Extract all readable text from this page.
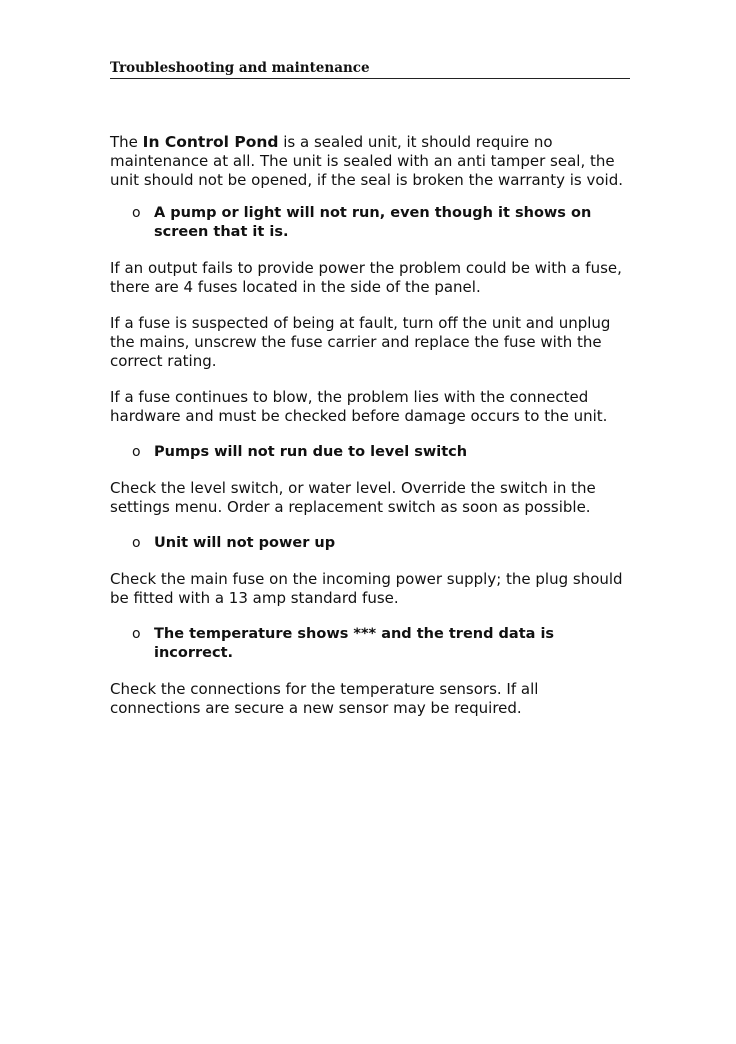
Troubleshooting and maintenance

The In Control Pond is a sealed unit, it should require no maintenance at all. The unit is sealed with an anti tamper seal, the unit should not be opened, if the seal is broken the warranty is void.

o A pump or light will not run, even though it shows on screen that it is.

If an output fails to provide power the problem could be with a fuse, there are 4 fuses located in the side of the panel.

If a fuse is suspected of being at fault, turn off the unit and unplug the mains, unscrew the fuse carrier and replace the fuse with the correct rating.

If a fuse continues to blow, the problem lies with the connected hardware and must be checked before damage occurs to the unit.

o Pumps will not run due to level switch

Check the level switch, or water level. Override the switch in the settings menu. Order a replacement switch as soon as possible.

o Unit will not power up

Check the main fuse on the incoming power supply; the plug should be fitted with a 13 amp standard fuse.

o The temperature shows *** and the trend data is incorrect.

Check the connections for the temperature sensors. If all connections are secure a new sensor may be required.
